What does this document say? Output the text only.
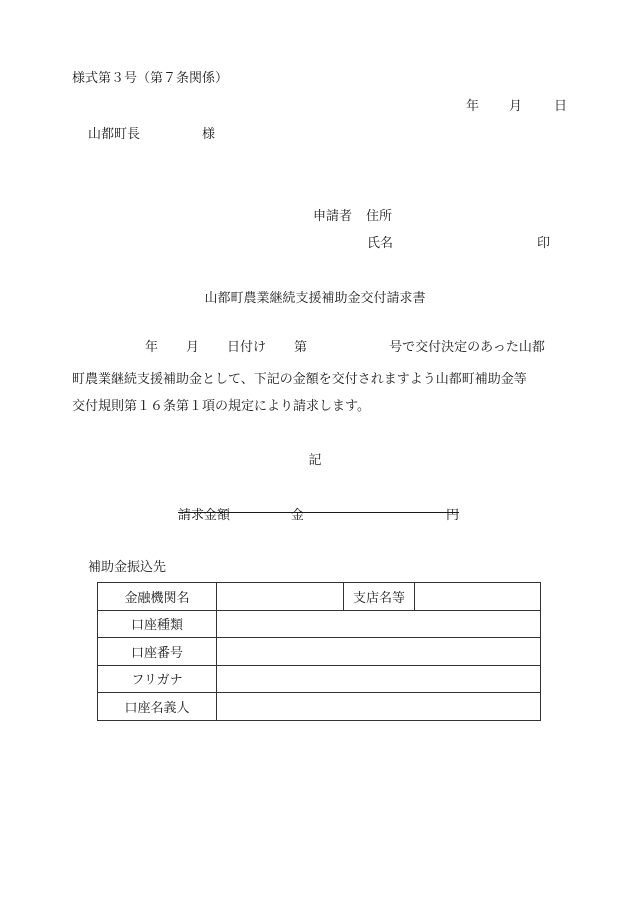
様式第３号（第７条関係）
年 月 日
山都町長	様
申請者 住所
氏名	印
山都町農業継続支援補助金交付請求書
年 月 日付け 第	号で交付決定のあった山都
町農業継続支援補助金として、下記の金額を交付されますよう山都町補助金等
交付規則第１６条第１項の規定により請求します。
記
請求金額	金	円
補助金振込先
金融機関名		支店名等	
口座種類			
口座番号			
フリガナ			
口座名義人			
